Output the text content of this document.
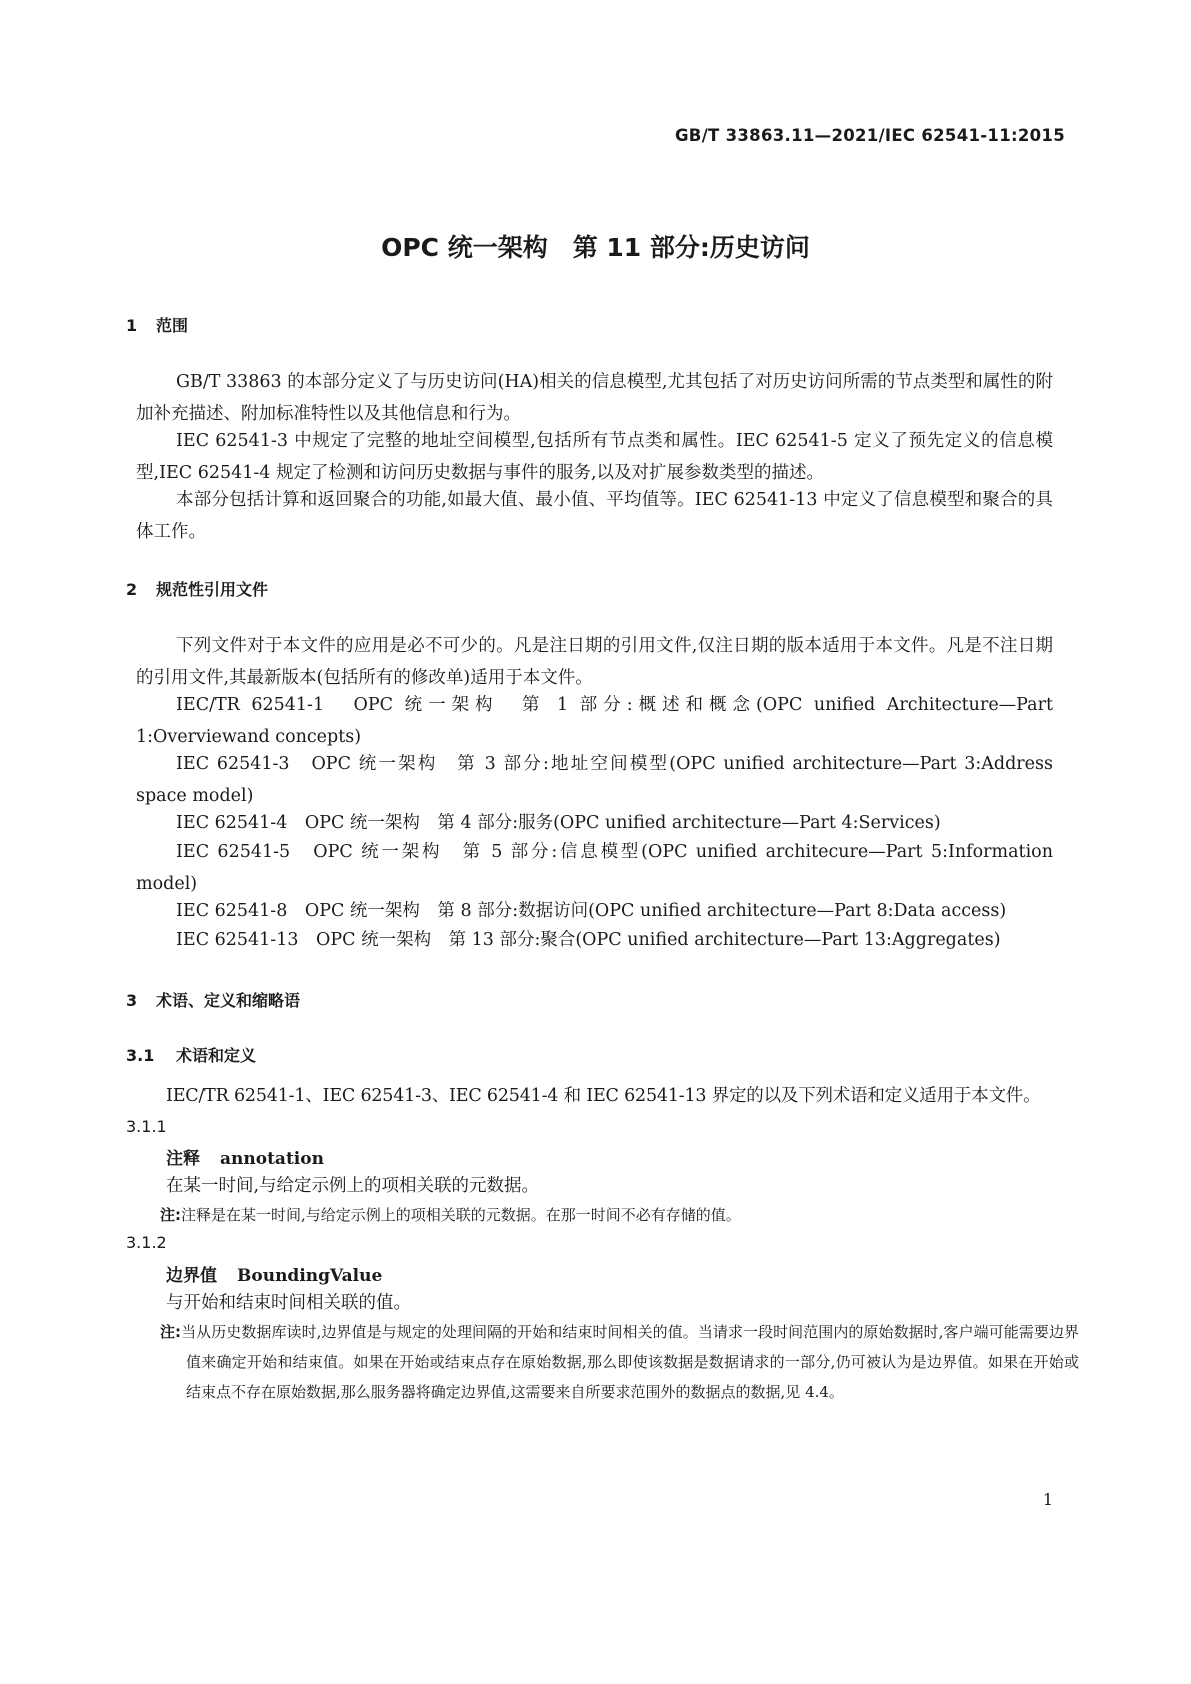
GB/T 33863.11—2021/IEC 62541-11:2015
OPC 统一架构　第 11 部分:历史访问
1 范围
GB/T 33863 的本部分定义了与历史访问(HA)相关的信息模型,尤其包括了对历史访问所需的节点类型和属性的附加补充描述、附加标准特性以及其他信息和行为。
IEC 62541-3 中规定了完整的地址空间模型,包括所有节点类和属性。IEC 62541-5 定义了预先定义的信息模型,IEC 62541-4 规定了检测和访问历史数据与事件的服务,以及对扩展参数类型的描述。
本部分包括计算和返回聚合的功能,如最大值、最小值、平均值等。IEC 62541-13 中定义了信息模型和聚合的具体工作。
2 规范性引用文件
下列文件对于本文件的应用是必不可少的。凡是注日期的引用文件,仅注日期的版本适用于本文件。凡是不注日期的引用文件,其最新版本(包括所有的修改单)适用于本文件。
IEC/TR 62541-1　OPC 统一架构　第 1 部分:概述和概念(OPC unified Architecture—Part 1:Overviewand concepts)
IEC 62541-3　OPC 统一架构　第 3 部分:地址空间模型(OPC unified architecture—Part 3:Address space model)
IEC 62541-4　OPC 统一架构　第 4 部分:服务(OPC unified architecture—Part 4:Services)
IEC 62541-5　OPC 统一架构　第 5 部分:信息模型(OPC unified architecure—Part 5:Information model)
IEC 62541-8　OPC 统一架构　第 8 部分:数据访问(OPC unified architecture—Part 8:Data access)
IEC 62541-13　OPC 统一架构　第 13 部分:聚合(OPC unified architecture—Part 13:Aggregates)
3 术语、定义和缩略语
3.1 术语和定义
IEC/TR 62541-1、IEC 62541-3、IEC 62541-4 和 IEC 62541-13 界定的以及下列术语和定义适用于本文件。
3.1.1
注释 annotation
在某一时间,与给定示例上的项相关联的元数据。
注:注释是在某一时间,与给定示例上的项相关联的元数据。在那一时间不必有存储的值。
3.1.2
边界值 BoundingValue
与开始和结束时间相关联的值。
注:当从历史数据库读时,边界值是与规定的处理间隔的开始和结束时间相关的值。当请求一段时间范围内的原始数据时,客户端可能需要边界值来确定开始和结束值。如果在开始或结束点存在原始数据,那么即使该数据是数据请求的一部分,仍可被认为是边界值。如果在开始或结束点不存在原始数据,那么服务器将确定边界值,这需要来自所要求范围外的数据点的数据,见 4.4。
1
